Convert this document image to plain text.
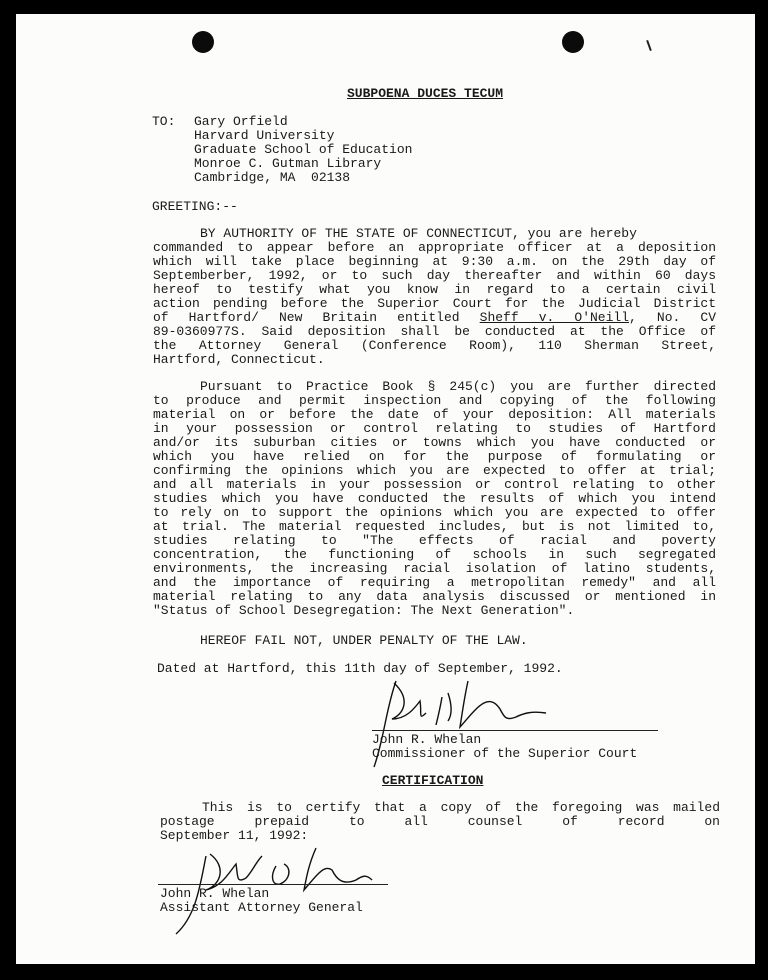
SUBPOENA DUCES TECUM
TO: Gary Orfield
Harvard University
Graduate School of Education
Monroe C. Gutman Library
Cambridge, MA  02138
GREETING:--
BY AUTHORITY OF THE STATE OF CONNECTICUT, you are hereby
commanded to appear before an appropriate officer at a deposition
which will take place beginning at 9:30 a.m. on the 29th day of
Septemberber, 1992, or to such day thereafter and within 60 days
hereof to testify what you know in regard to a certain civil
action pending before the Superior Court for the Judicial District
of Hartford/ New Britain entitled Sheff v. O'Neill, No. CV
89-0360977S. Said deposition shall be conducted at the Office of
the Attorney General (Conference Room), 110 Sherman Street,
Hartford, Connecticut.
Pursuant to Practice Book § 245(c) you are further directed
to produce and permit inspection and copying of the following
material on or before the date of your deposition: All materials
in your possession or control relating to studies of Hartford
and/or its suburban cities or towns which you have conducted or
which you have relied on for the purpose of formulating or
confirming the opinions which you are expected to offer at trial;
and all materials in your possession or control relating to other
studies which you have conducted the results of which you intend
to rely on to support the opinions which you are expected to offer
at trial. The material requested includes, but is not limited to,
studies relating to "The effects of racial and poverty
concentration, the functioning of schools in such segregated
environments, the increasing racial isolation of latino students,
and the importance of requiring a metropolitan remedy" and all
material relating to any data analysis discussed or mentioned in
"Status of School Desegregation: The Next Generation".
HEREOF FAIL NOT, UNDER PENALTY OF THE LAW.
Dated at Hartford, this 11th day of September, 1992.
John R. Whelan
Commissioner of the Superior Court
CERTIFICATION
This is to certify that a copy of the foregoing was mailed
postage prepaid to all counsel of record on
September 11, 1992:
John R. Whelan
Assistant Attorney General
